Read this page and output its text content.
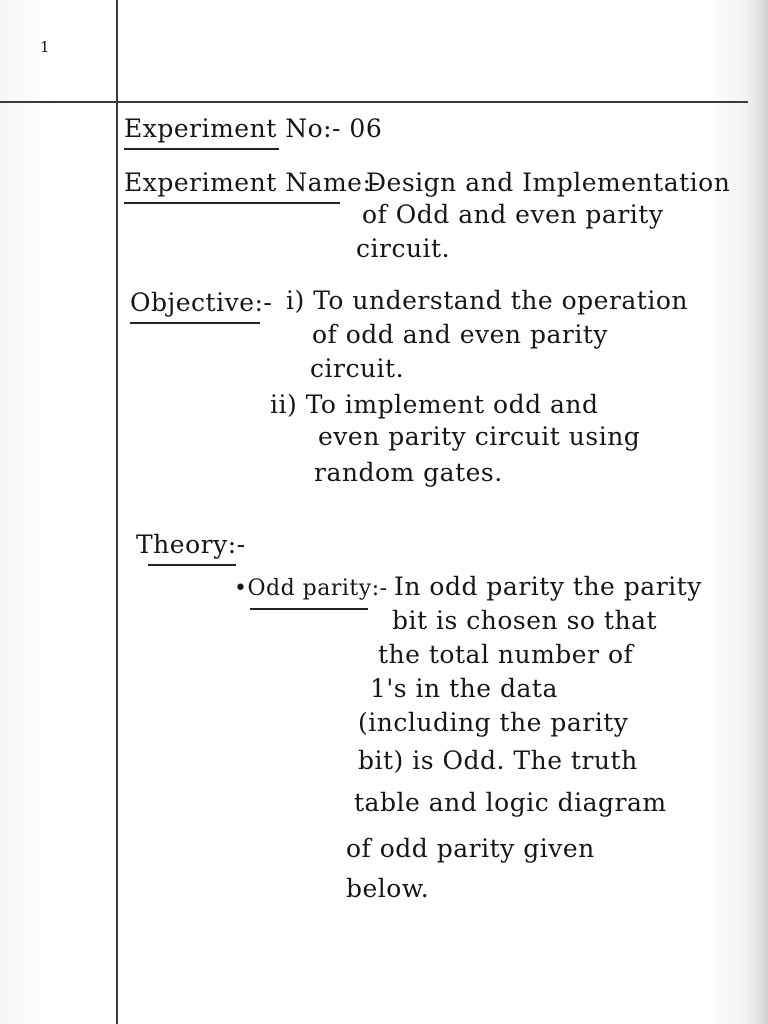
1
Experiment No:- 06
Experiment Name:-
Design and Implementation
of Odd and even parity
circuit.
Objective:- i) To understand the operation
of odd and even parity
circuit.
ii) To implement odd and
even parity circuit using
random gates.
Theory:-
•Odd parity:- In odd parity the parity
bit is chosen so that
the total number of
1's in the data
(including the parity
bit) is Odd. The truth
table and logic diagram
of odd parity given
below.
